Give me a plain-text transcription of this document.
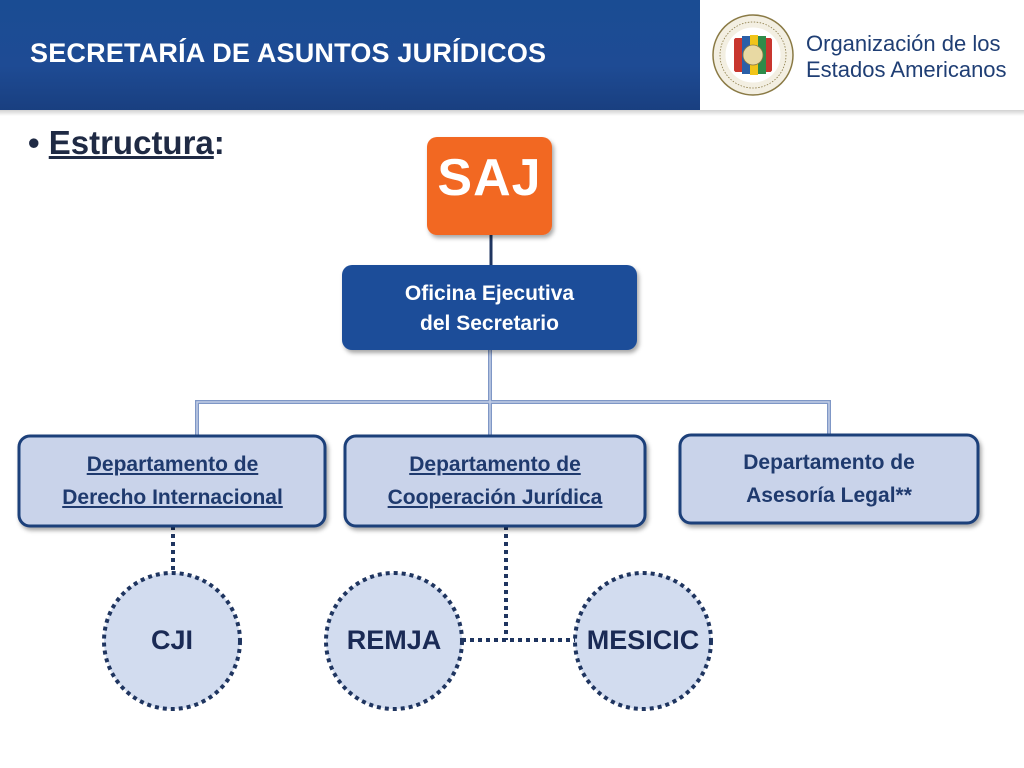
SECRETARÍA DE ASUNTOS JURÍDICOS	Organización de los
Estados Americanos
• Estructura:
SAJ
Oficina Ejecutiva
del Secretario
Departamento de
Derecho Internacional
Departamento de
Cooperación Jurídica
Departamento de
Asesoría Legal**
CJI	REMJA	MESICIC
